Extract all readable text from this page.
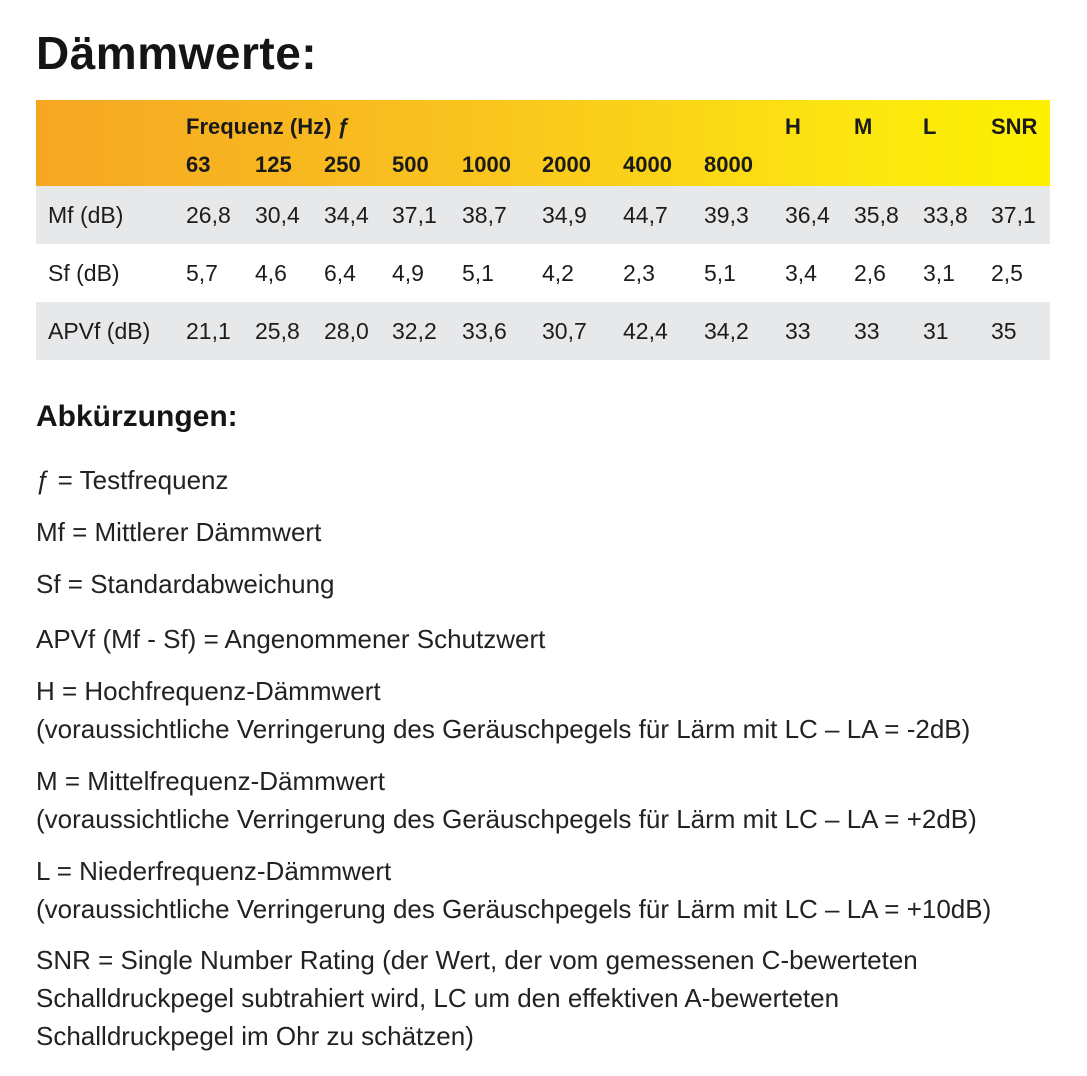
Dämmwerte:
Frequenz (Hz) ƒ
63 125 250 500 1000 2000 4000 8000
H M L SNR
Mf (dB)	26,8 30,4 34,4 37,1 38,7 34,9 44,7 39,3 36,4 35,8 33,8 37,1
Sf (dB)	5,7 4,6 6,4 4,9 5,1 4,2 2,3 5,1 3,4 2,6 3,1 2,5
APVf (dB) 21,1 25,8 28,0 32,2 33,6 30,7 42,4 34,2 33 33 31 35
Abkürzungen:

ƒ = Testfrequenz

Mf = Mittlerer Dämmwert

Sf = Standardabweichung

APVf (Mf - Sf) = Angenommener Schutzwert

H = Hochfrequenz-Dämmwert
(voraussichtliche Verringerung des Geräuschpegels für Lärm mit LC – LA = -2dB)

M = Mittelfrequenz-Dämmwert
(voraussichtliche Verringerung des Geräuschpegels für Lärm mit LC – LA = +2dB)

L = Niederfrequenz-Dämmwert
(voraussichtliche Verringerung des Geräuschpegels für Lärm mit LC – LA = +10dB)

SNR = Single Number Rating (der Wert, der vom gemessenen C-bewerteten
Schalldruckpegel subtrahiert wird, LC um den effektiven A-bewerteten
Schalldruckpegel im Ohr zu schätzen)
